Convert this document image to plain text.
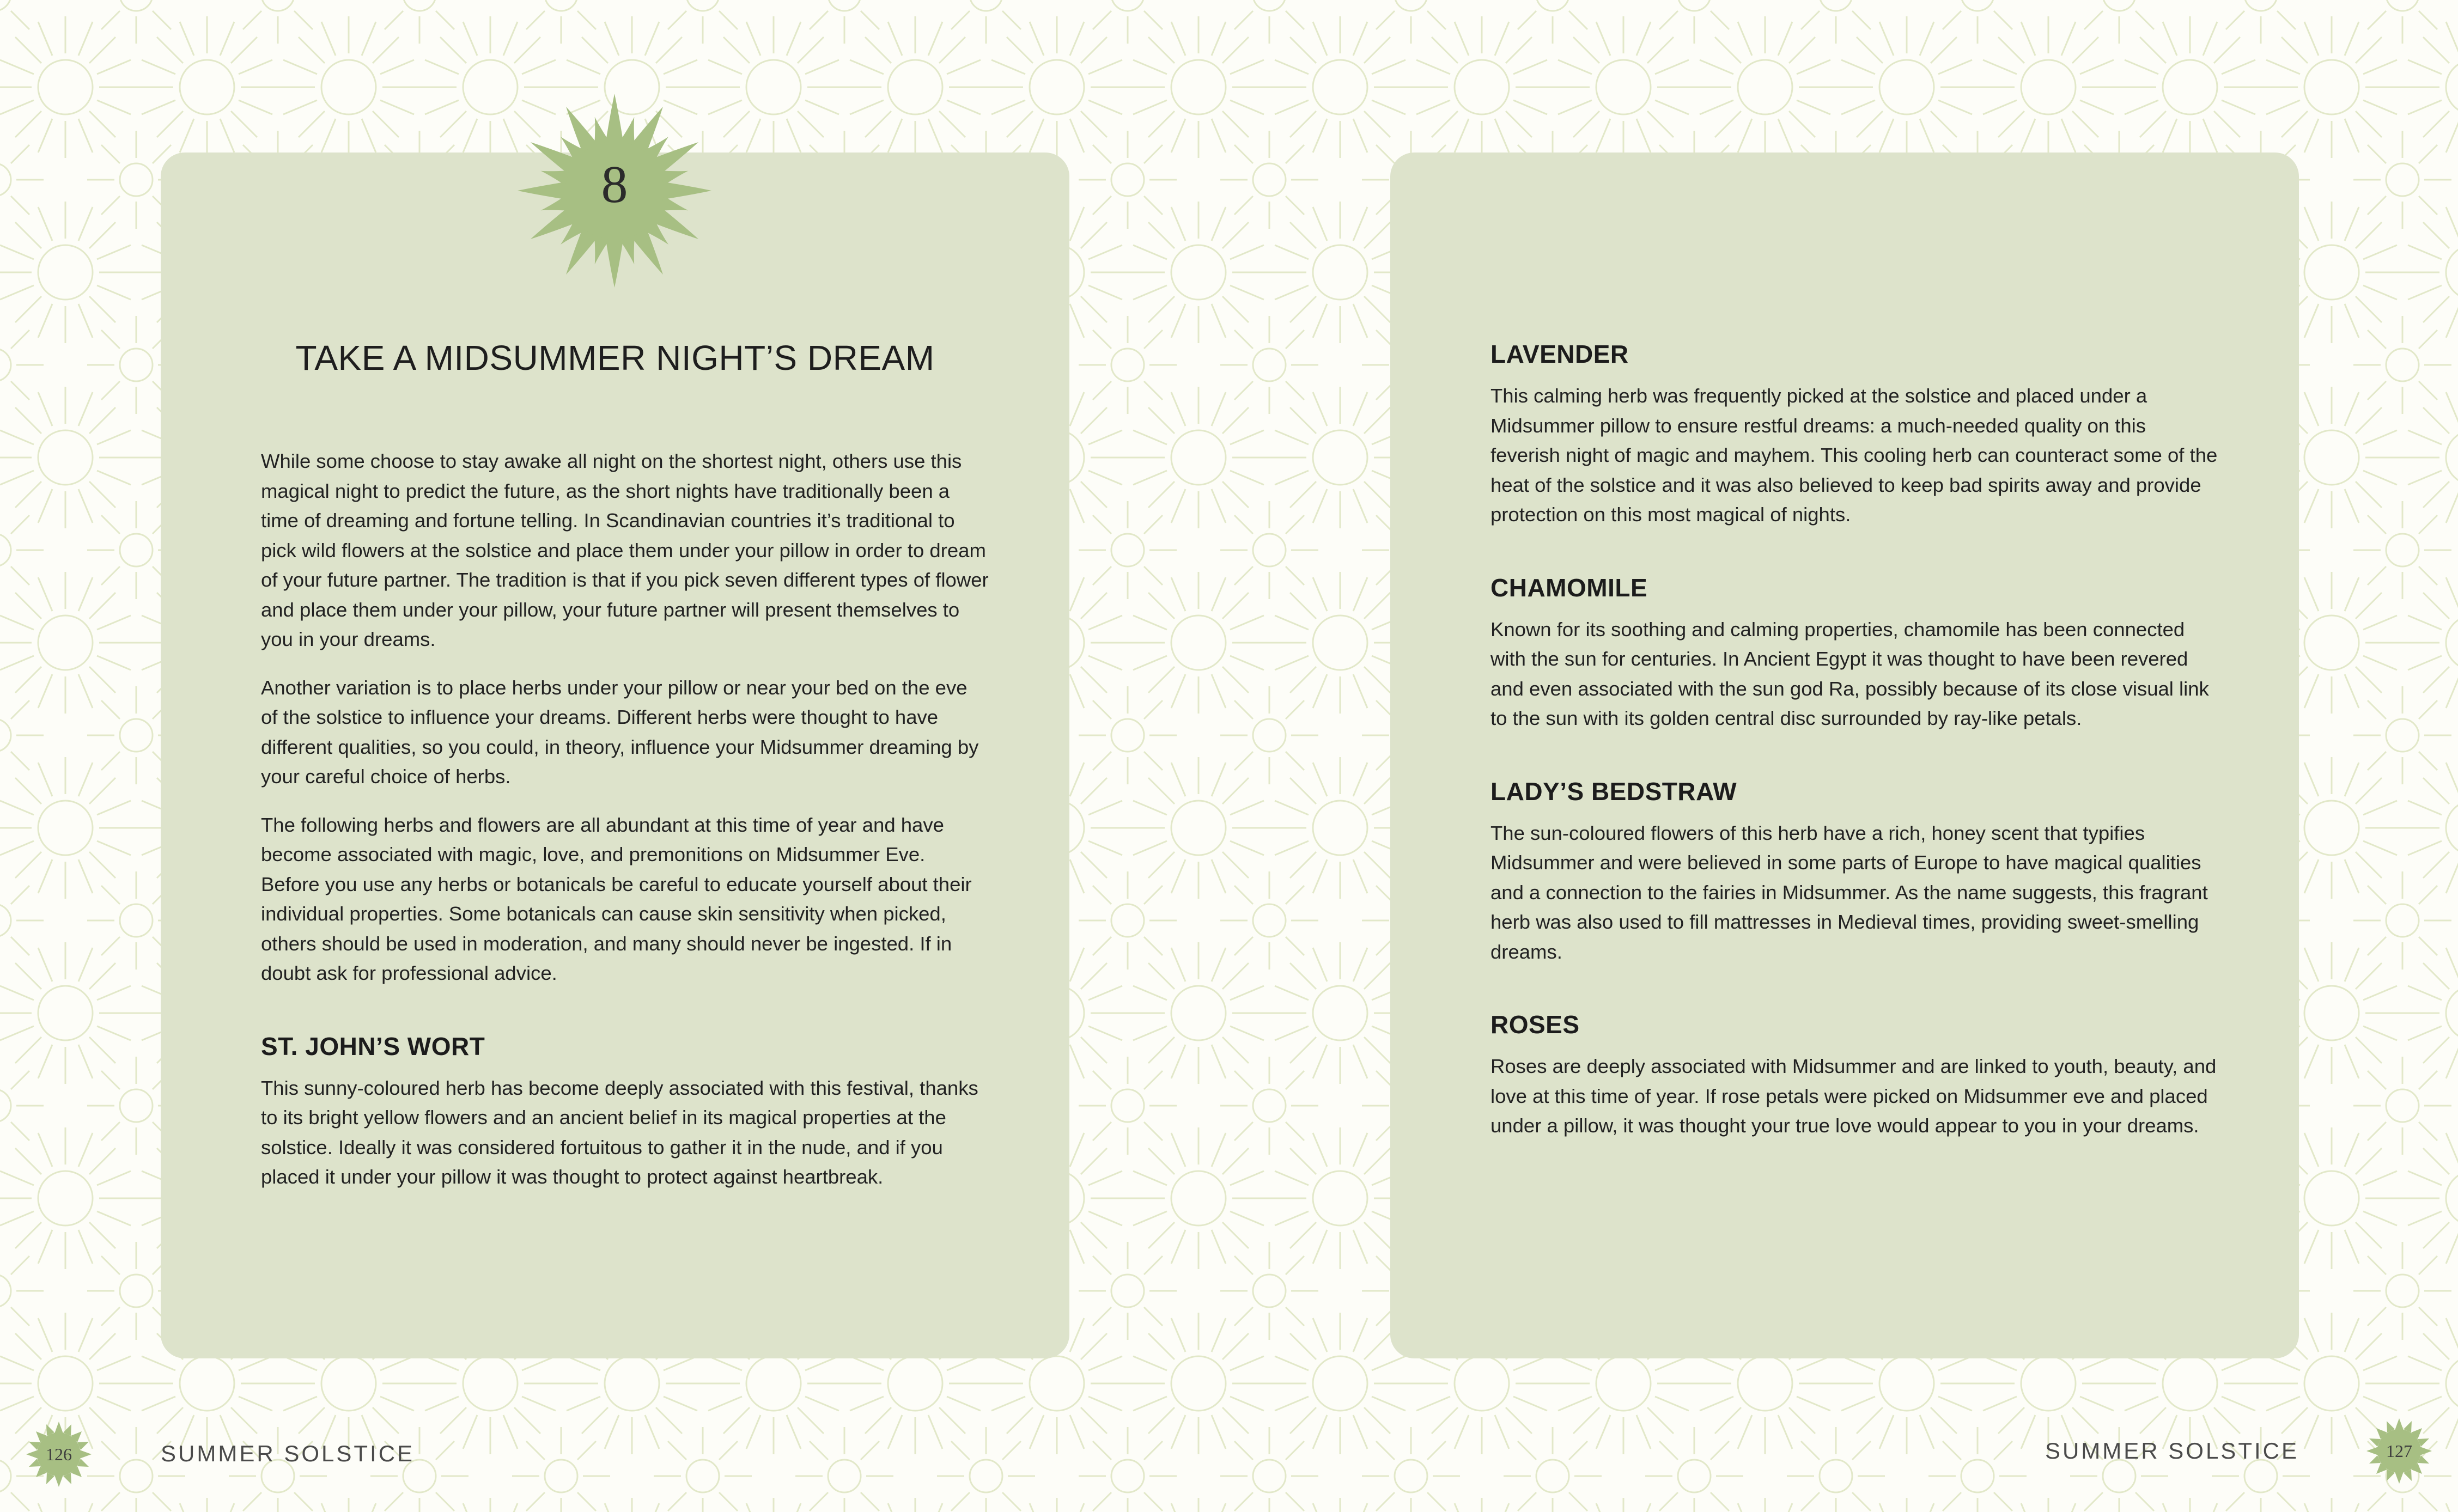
8
TAKE A MIDSUMMER NIGHT’S DREAM

While some choose to stay awake all night on the shortest night, others use this magical night to predict the future, as the short nights have traditionally been a time of dreaming and fortune telling. In Scandinavian countries it’s traditional to pick wild flowers at the solstice and place them under your pillow in order to dream of your future partner. The tradition is that if you pick seven different types of flower and place them under your pillow, your future partner will present themselves to you in your dreams.

Another variation is to place herbs under your pillow or near your bed on the eve of the solstice to influence your dreams. Different herbs were thought to have different qualities, so you could, in theory, influence your Midsummer dreaming by your careful choice of herbs.

The following herbs and flowers are all abundant at this time of year and have become associated with magic, love, and premonitions on Midsummer Eve. Before you use any herbs or botanicals be careful to educate yourself about their individual properties. Some botanicals can cause skin sensitivity when picked, others should be used in moderation, and many should never be ingested. If in doubt ask for professional advice.

ST. JOHN’S WORT

This sunny-coloured herb has become deeply associated with this festival, thanks to its bright yellow flowers and an ancient belief in its magical properties at the solstice. Ideally it was considered fortuitous to gather it in the nude, and if you placed it under your pillow it was thought to protect against heartbreak.

LAVENDER

This calming herb was frequently picked at the solstice and placed under a Midsummer pillow to ensure restful dreams: a much-needed quality on this feverish night of magic and mayhem. This cooling herb can counteract some of the heat of the solstice and it was also believed to keep bad spirits away and provide protection on this most magical of nights.

CHAMOMILE

Known for its soothing and calming properties, chamomile has been connected with the sun for centuries. In Ancient Egypt it was thought to have been revered and even associated with the sun god Ra, possibly because of its close visual link to the sun with its golden central disc surrounded by ray-like petals.

LADY’S BEDSTRAW

The sun-coloured flowers of this herb have a rich, honey scent that typifies Midsummer and were believed in some parts of Europe to have magical qualities and a connection to the fairies in Midsummer. As the name suggests, this fragrant herb was also used to fill mattresses in Medieval times, providing sweet-smelling dreams.

ROSES

Roses are deeply associated with Midsummer and are linked to youth, beauty, and love at this time of year. If rose petals were picked on Midsummer eve and placed under a pillow, it was thought your true love would appear to you in your dreams.

126	SUMMER SOLSTICE	SUMMER SOLSTICE	127
